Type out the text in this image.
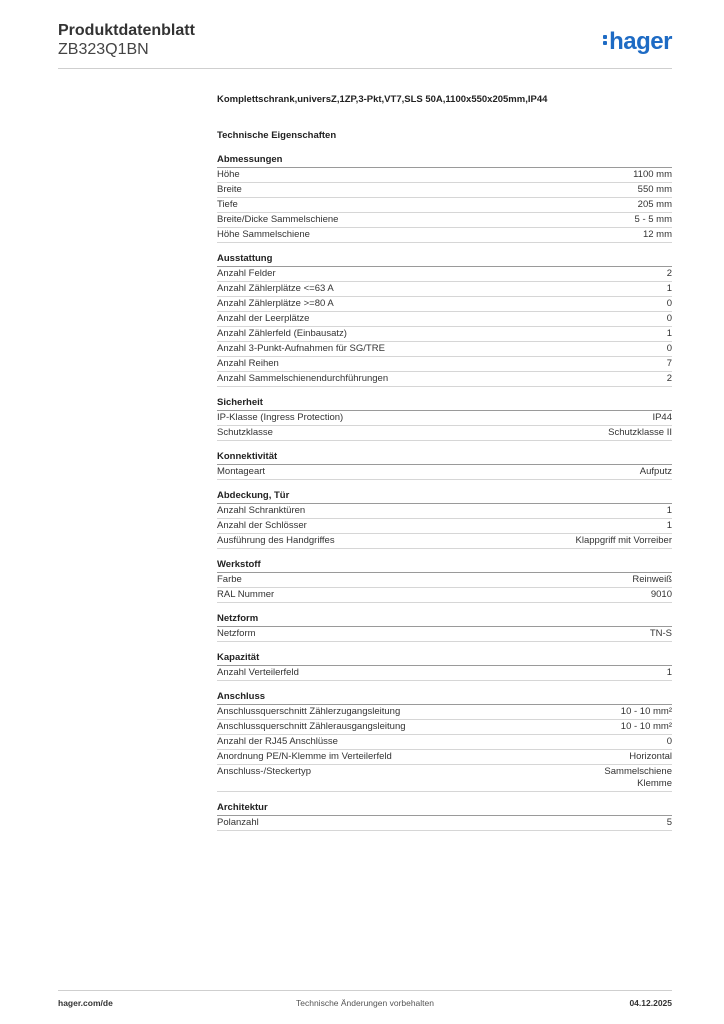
Produktdatenblatt
ZB323Q1BN	hager
Komplettschrank,universZ,1ZP,3-Pkt,VT7,SLS 50A,1100x550x205mm,IP44
Technische Eigenschaften
Abmessungen
Höhe	1100 mm
Breite	550 mm
Tiefe	205 mm
Breite/Dicke Sammelschiene	5 - 5 mm
Höhe Sammelschiene	12 mm
Ausstattung
Anzahl Felder	2
Anzahl Zählerplätze <=63 A	1
Anzahl Zählerplätze >=80 A	0
Anzahl der Leerplätze	0
Anzahl Zählerfeld (Einbausatz)	1
Anzahl 3-Punkt-Aufnahmen für SG/TRE	0
Anzahl Reihen	7
Anzahl Sammelschienendurchführungen	2
Sicherheit
IP-Klasse (Ingress Protection)	IP44
Schutzklasse	Schutzklasse II
Konnektivität
Montageart	Aufputz
Abdeckung, Tür
Anzahl Schranktüren	1
Anzahl der Schlösser	1
Ausführung des Handgriffes	Klappgriff mit Vorreiber
Werkstoff
Farbe	Reinweiß
RAL Nummer	9010
Netzform
Netzform	TN-S
Kapazität
Anzahl Verteilerfeld	1
Anschluss
Anschlussquerschnitt Zählerzugangsleitung	10 - 10 mm²
Anschlussquerschnitt Zählerausgangsleitung	10 - 10 mm²
Anzahl der RJ45 Anschlüsse	0
Anordnung PE/N-Klemme im Verteilerfeld	Horizontal
Anschluss-/Steckertyp	Sammelschiene
Klemme
Architektur
Polanzahl	5
hager.com/de	Technische Änderungen vorbehalten	04.12.2025
